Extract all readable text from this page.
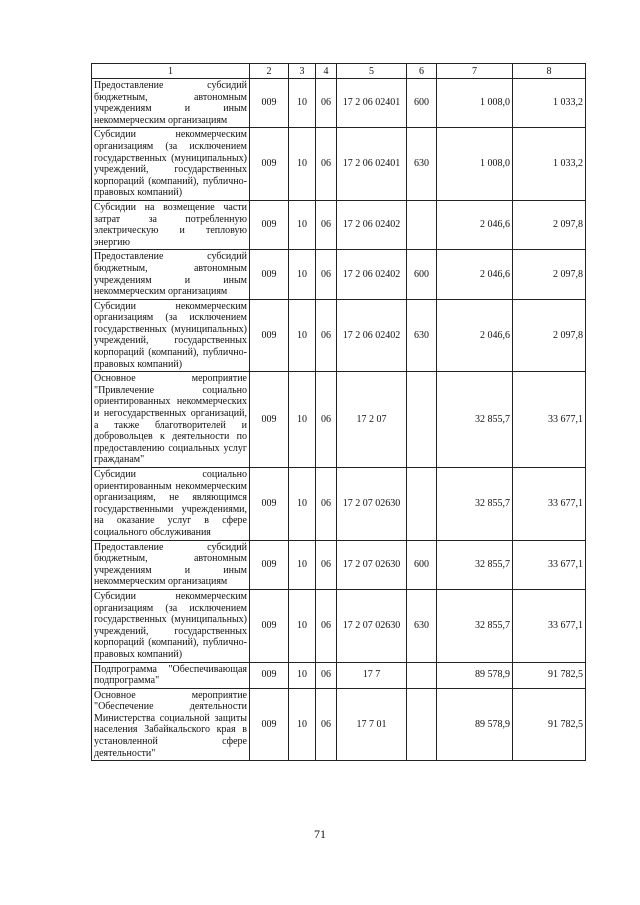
1	2	3	4	5	6	7	8
Предоставление субсидий бюджетным, автономным учреждениям и иным некоммерческим организациям	009	10	06	17 2 06 02401	600	1 008,0	1 033,2
Субсидии некоммерческим организациям (за исключением государственных (муниципальных) учреждений, государственных корпораций (компаний), публично-правовых компаний)	009	10	06	17 2 06 02401	630	1 008,0	1 033,2
Субсидии на возмещение части затрат за потребленную электрическую и тепловую энергию	009	10	06	17 2 06 02402		2 046,6	2 097,8
Предоставление субсидий бюджетным, автономным учреждениям и иным некоммерческим организациям	009	10	06	17 2 06 02402	600	2 046,6	2 097,8
Субсидии некоммерческим организациям (за исключением государственных (муниципальных) учреждений, государственных корпораций (компаний), публично-правовых компаний)	009	10	06	17 2 06 02402	630	2 046,6	2 097,8
Основное мероприятие "Привлечение социально ориентированных некоммерческих и негосударственных организаций, а также благотворителей и добровольцев к деятельности по предоставлению социальных услуг гражданам"	009	10	06	17 2 07		32 855,7	33 677,1
Субсидии социально ориентированным некоммерческим организациям, не являющимся государственными учреждениями, на оказание услуг в сфере социального обслуживания	009	10	06	17 2 07 02630		32 855,7	33 677,1
Предоставление субсидий бюджетным, автономным учреждениям и иным некоммерческим организациям	009	10	06	17 2 07 02630	600	32 855,7	33 677,1
Субсидии некоммерческим организациям (за исключением государственных (муниципальных) учреждений, государственных корпораций (компаний), публично-правовых компаний)	009	10	06	17 2 07 02630	630	32 855,7	33 677,1
Подпрограмма "Обеспечивающая подпрограмма"	009	10	06	17 7		89 578,9	91 782,5
Основное мероприятие "Обеспечение деятельности Министерства социальной защиты населения Забайкальского края в установленной сфере деятельности"	009	10	06	17 7 01		89 578,9	91 782,5
71
